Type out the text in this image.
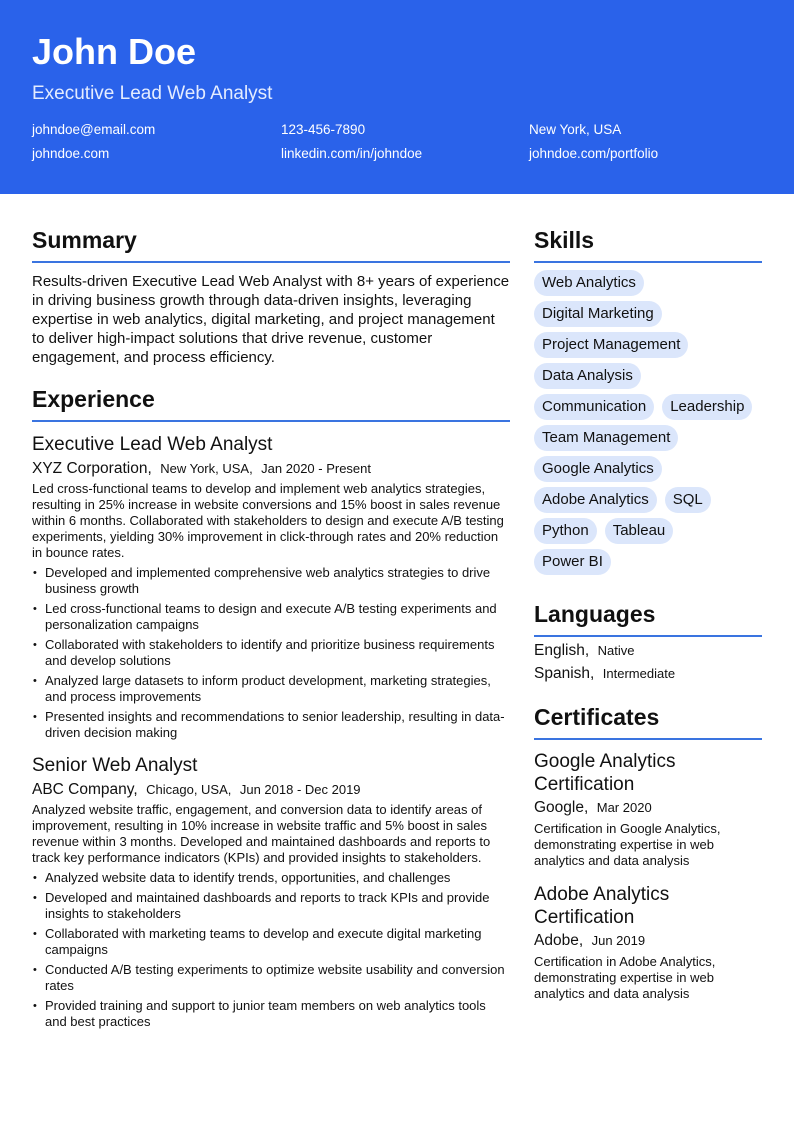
John Doe
Executive Lead Web Analyst
johndoe@email.com	123-456-7890	New York, USA
johndoe.com	linkedin.com/in/johndoe	johndoe.com/portfolio
Summary

Results-driven Executive Lead Web Analyst with 8+ years of experience in driving business growth through data-driven insights, leveraging expertise in web analytics, digital marketing, and project management to deliver high-impact solutions that drive revenue, customer engagement, and process efficiency.

Experience
Executive Lead Web Analyst
XYZ Corporation, New York, USA, Jan 2020 - Present

Led cross-functional teams to develop and implement web analytics strategies, resulting in 25% increase in website conversions and 15% boost in sales revenue within 6 months. Collaborated with stakeholders to design and execute A/B testing experiments, yielding 30% improvement in click-through rates and 20% reduction in bounce rates.

• Developed and implemented comprehensive web analytics strategies to drive business growth
• Led cross-functional teams to design and execute A/B testing experiments and personalization campaigns
• Collaborated with stakeholders to identify and prioritize business requirements and develop solutions
• Analyzed large datasets to inform product development, marketing strategies, and process improvements
• Presented insights and recommendations to senior leadership, resulting in data-driven decision making
Senior Web Analyst
ABC Company, Chicago, USA, Jun 2018 - Dec 2019

Analyzed website traffic, engagement, and conversion data to identify areas of improvement, resulting in 10% increase in website traffic and 5% boost in sales revenue within 3 months. Developed and maintained dashboards and reports to track key performance indicators (KPIs) and provided insights to stakeholders.

• Analyzed website data to identify trends, opportunities, and challenges
• Developed and maintained dashboards and reports to track KPIs and provide insights to stakeholders
• Collaborated with marketing teams to develop and execute digital marketing campaigns
• Conducted A/B testing experiments to optimize website usability and conversion rates
• Provided training and support to junior team members on web analytics tools and best practices
Skills
Web Analytics
Digital Marketing
Project Management
Data Analysis
Communication	Leadership
Team Management
Google Analytics
Adobe Analytics	SQL
Python	Tableau
Power BI
Languages
English, Native
Spanish, Intermediate
Certificates
Google Analytics Certification
Google, Mar 2020

Certification in Google Analytics, demonstrating expertise in web analytics and data analysis

Adobe Analytics Certification
Adobe, Jun 2019

Certification in Adobe Analytics, demonstrating expertise in web analytics and data analysis
